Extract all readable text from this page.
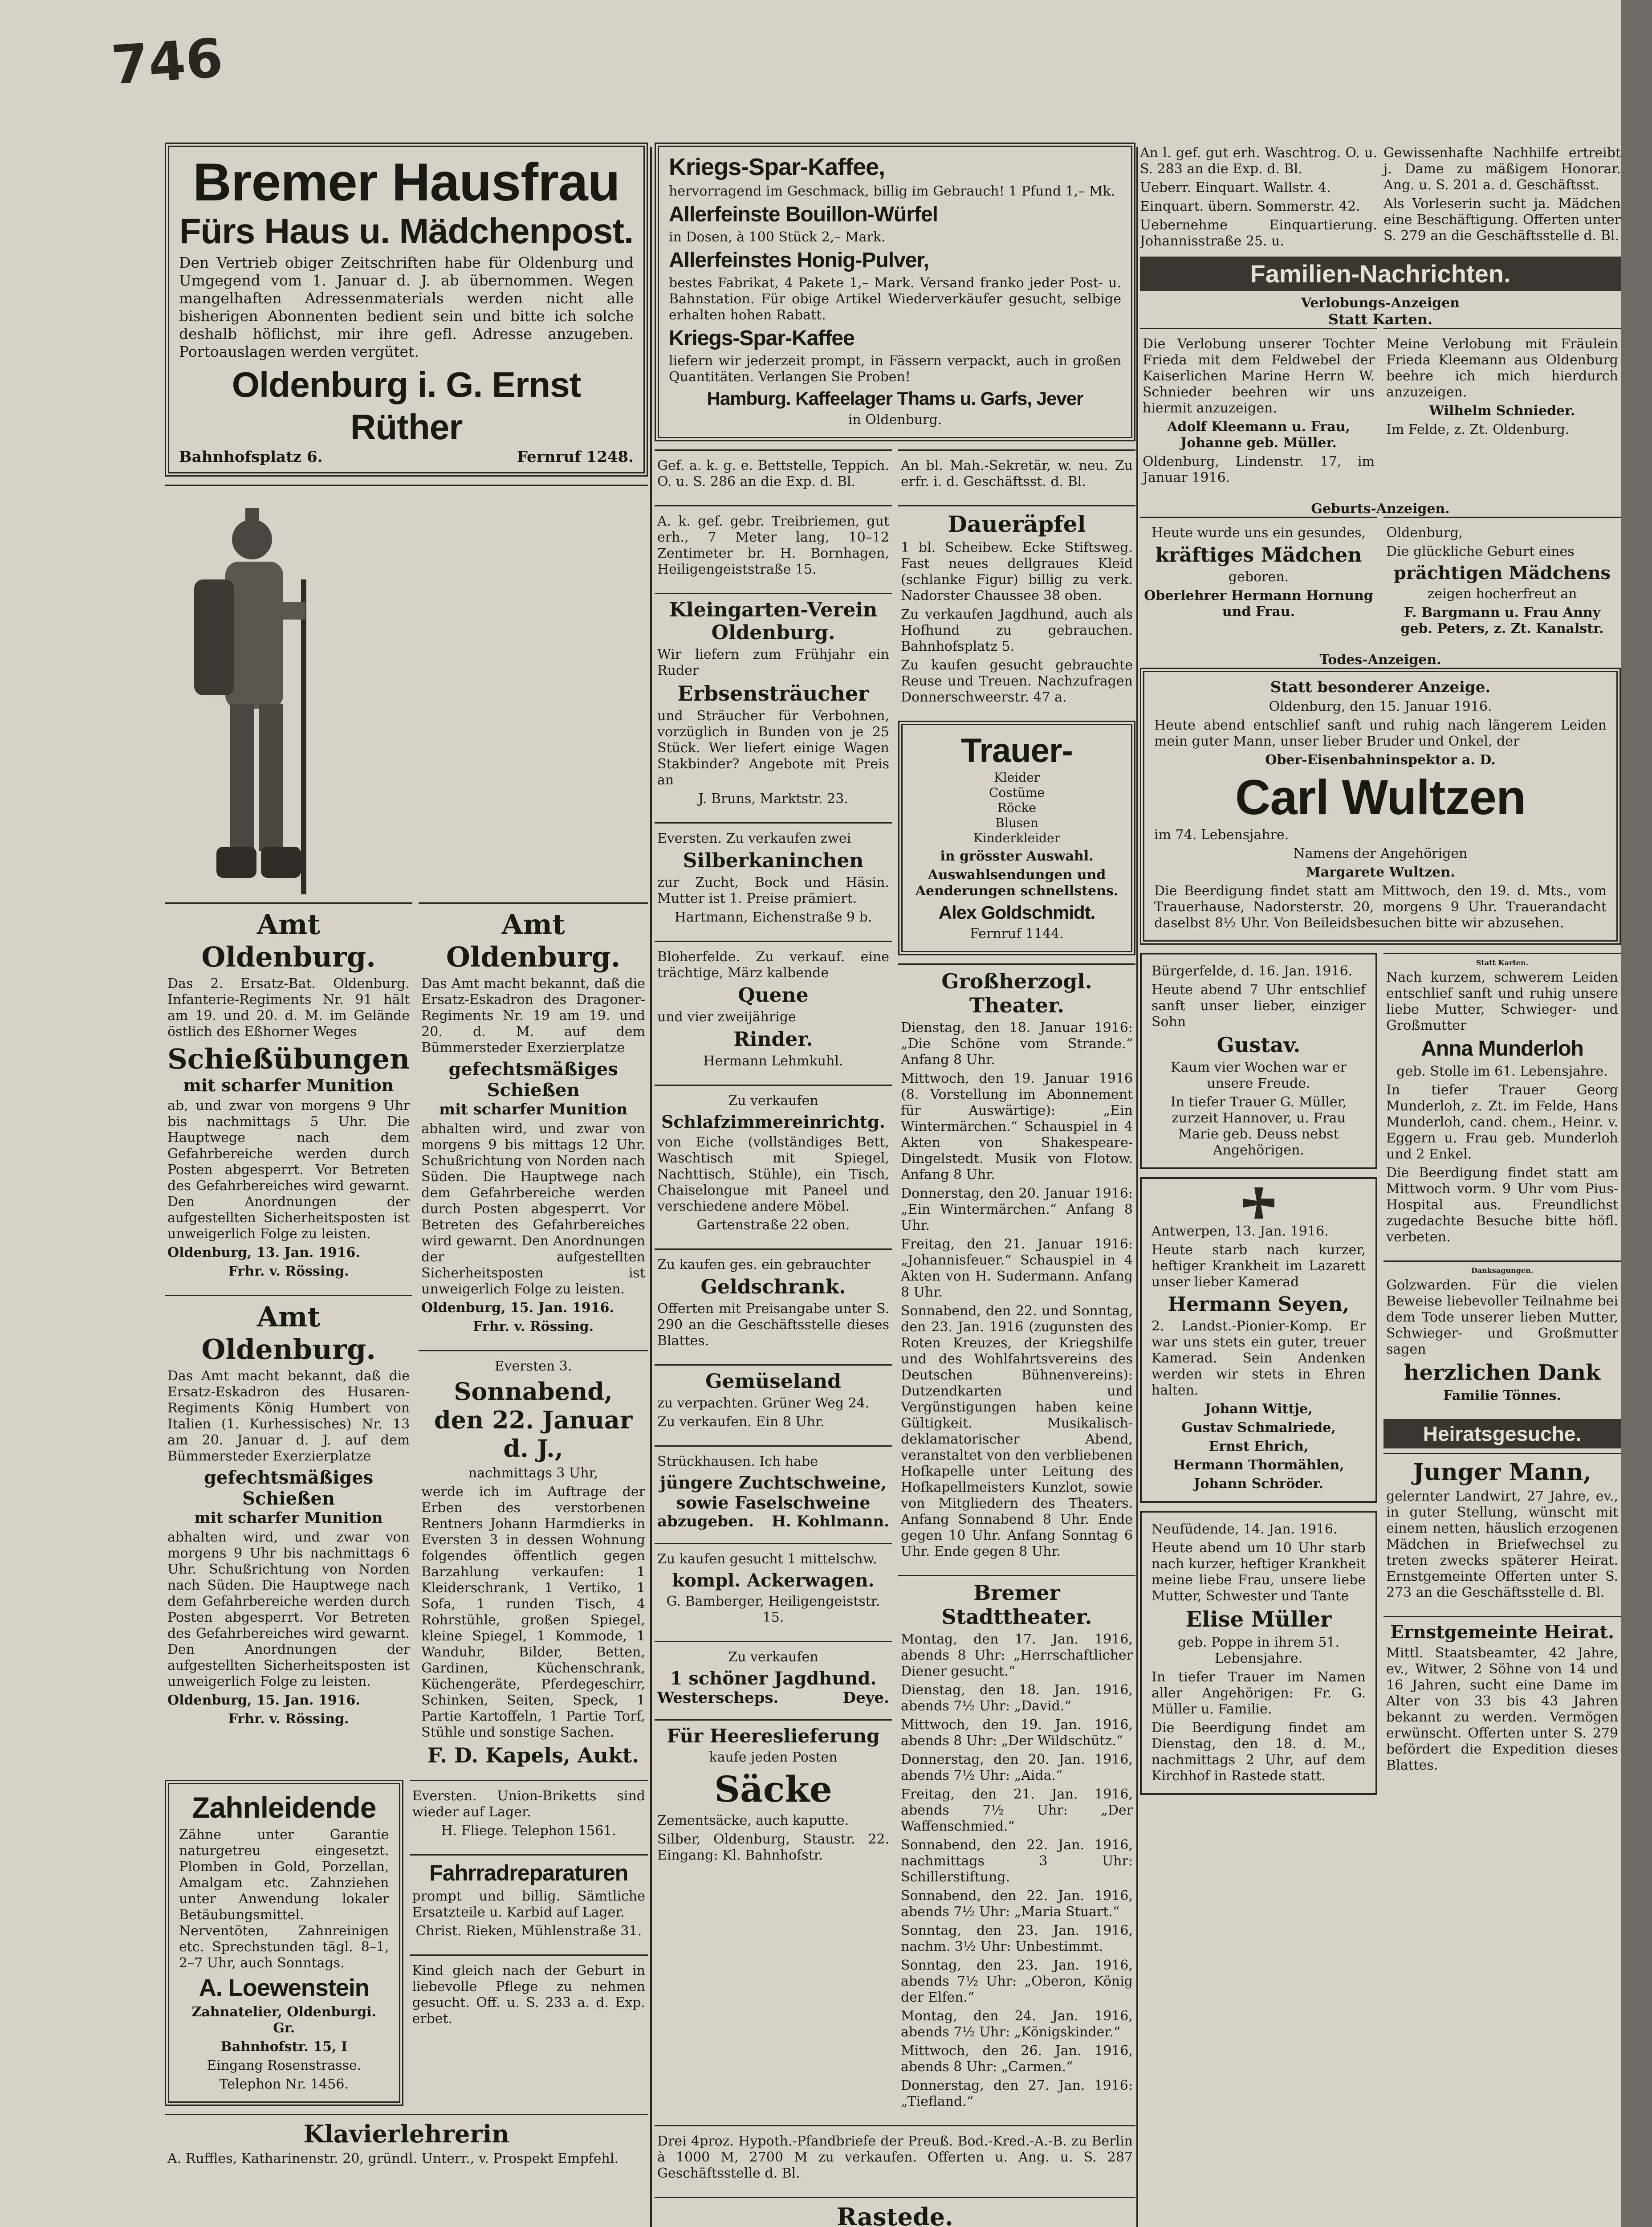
746
Bremer Hausfrau
Fürs Haus u. Mädchenpost.

Den Vertrieb obiger Zeitschriften habe für Oldenburg und Umgegend vom 1. Januar d. J. ab übernommen. Wegen mangelhaften Adressenmaterials werden nicht alle bisherigen Abonnenten bedient sein und bitte ich solche deshalb höflichst, mir ihre gefl. Adresse anzugeben. Portoauslagen werden vergütet.

Oldenburg i. G. Ernst Rüther
Bahnhofsplatz 6.	Fernruf 1248.

Amt Oldenburg.

Das 2. Ersatz-Bat. Oldenburg. Infanterie-Regiments Nr. 91 hält am 19. und 20. d. M. im Gelände östlich des Eßhorner Weges

Schießübungen
mit scharfer Munition

ab, und zwar von morgens 9 Uhr bis nachmittags 5 Uhr. Die Hauptwege nach dem Gefahrbereiche werden durch Posten abgesperrt. Vor Betreten des Gefahrbereiches wird gewarnt. Den Anordnungen der aufgestellten Sicherheitsposten ist unweigerlich Folge zu leisten.

Oldenburg, 13. Jan. 1916.

Frhr. v. Rössing.

Amt Oldenburg.

Das Amt macht bekannt, daß die Ersatz-Eskadron des Husaren-Regiments König Humbert von Italien (1. Kurhessisches) Nr. 13 am 20. Januar d. J. auf dem Bümmersteder Exerzierplatze

gefechtsmäßiges Schießen
mit scharfer Munition

abhalten wird, und zwar von morgens 9 Uhr bis nachmittags 6 Uhr. Schußrichtung von Norden nach Süden. Die Hauptwege nach dem Gefahrbereiche werden durch Posten abgesperrt. Vor Betreten des Gefahrbereiches wird gewarnt. Den Anordnungen der aufgestellten Sicherheitsposten ist unweigerlich Folge zu leisten.

Oldenburg, 15. Jan. 1916.

Frhr. v. Rössing.

Amt Oldenburg.

Das Amt macht bekannt, daß die Ersatz-Eskadron des Dragoner-Regiments Nr. 19 am 19. und 20. d. M. auf dem Bümmersteder Exerzierplatze

gefechtsmäßiges Schießen
mit scharfer Munition

abhalten wird, und zwar von morgens 9 bis mittags 12 Uhr. Schußrichtung von Norden nach Süden. Die Hauptwege nach dem Gefahrbereiche werden durch Posten abgesperrt. Vor Betreten des Gefahrbereiches wird gewarnt. Den Anordnungen der aufgestellten Sicherheitsposten ist unweigerlich Folge zu leisten.

Oldenburg, 15. Jan. 1916.

Frhr. v. Rössing.

Eversten 3.

Sonnabend,
den 22. Januar d. J.,

nachmittags 3 Uhr,

werde ich im Auftrage der Erben des verstorbenen Rentners Johann Harmdierks in Eversten 3 in dessen Wohnung folgendes öffentlich gegen Barzahlung verkaufen: 1 Kleiderschrank, 1 Vertiko, 1 Sofa, 1 runden Tisch, 4 Rohrstühle, großen Spiegel, kleine Spiegel, 1 Kommode, 1 Wanduhr, Bilder, Betten, Gardinen, Küchenschrank, Küchengeräte, Pferdegeschirr, Schinken, Seiten, Speck, 1 Partie Kartoffeln, 1 Partie Torf, Stühle und sonstige Sachen.

F. D. Kapels, Aukt.
Zahnleidende

Zähne unter Garantie naturgetreu eingesetzt. Plomben in Gold, Porzellan, Amalgam etc. Zahnziehen unter Anwendung lokaler Betäubungsmittel. Nerventöten, Zahnreinigen etc. Sprechstunden tägl. 8–1, 2–7 Uhr, auch Sonntags.

A. Loewenstein

Zahnatelier, Oldenburgi. Gr.

Bahnhofstr. 15, I

Eingang Rosenstrasse.

Telephon Nr. 1456.

Eversten. Union-Briketts sind wieder auf Lager.

H. Fliege. Telephon 1561.

Fahrradreparaturen

prompt und billig. Sämtliche Ersatzteile u. Karbid auf Lager.

Christ. Rieken, Mühlenstraße 31.

Kind gleich nach der Geburt in liebevolle Pflege zu nehmen gesucht. Off. u. S. 233 a. d. Exp. erbet.

Klavierlehrerin

A. Ruffles, Katharinenstr. 20, gründl. Unterr., v. Prospekt Empfehl.

Kriegs-Spar-Kaffee,

hervorragend im Geschmack, billig im Gebrauch! 1 Pfund 1,– Mk.

Allerfeinste Bouillon-Würfel

in Dosen, à 100 Stück 2,– Mark.

Allerfeinstes Honig-Pulver,

bestes Fabrikat, 4 Pakete 1,– Mark. Versand franko jeder Post- u. Bahnstation. Für obige Artikel Wiederverkäufer gesucht, selbige erhalten hohen Rabatt.

Kriegs-Spar-Kaffee

liefern wir jederzeit prompt, in Fässern verpackt, auch in großen Quantitäten. Verlangen Sie Proben!

Hamburg. Kaffeelager Thams u. Garfs, Jever

in Oldenburg.

Gef. a. k. g. e. Bettstelle, Teppich. O. u. S. 286 an die Exp. d. Bl.

A. k. gef. gebr. Treibriemen, gut erh., 7 Meter lang, 10–12 Zentimeter br. H. Bornhagen, Heiligengeiststraße 15.

Kleingarten-Verein Oldenburg.

Wir liefern zum Frühjahr ein Ruder

Erbsensträucher

und Sträucher für Verbohnen, vorzüglich in Bunden von je 25 Stück. Wer liefert einige Wagen Stakbinder? Angebote mit Preis an

J. Bruns, Marktstr. 23.

Eversten. Zu verkaufen zwei

Silberkaninchen

zur Zucht, Bock und Häsin. Mutter ist 1. Preise prämiert.

Hartmann, Eichenstraße 9 b.

Bloherfelde. Zu verkauf. eine trächtige, März kalbende

Quene

und vier zweijährige

Rinder.

Hermann Lehmkuhl.

Zu verkaufen

Schlafzimmereinrichtg.

von Eiche (vollständiges Bett, Waschtisch mit Spiegel, Nachttisch, Stühle), ein Tisch, Chaiselongue mit Paneel und verschiedene andere Möbel.

Gartenstraße 22 oben.

Zu kaufen ges. ein gebrauchter

Geldschrank.

Offerten mit Preisangabe unter S. 290 an die Geschäftsstelle dieses Blattes.

Gemüseland

zu verpachten. Grüner Weg 24.

Zu verkaufen. Ein 8 Uhr.

Strückhausen. Ich habe

jüngere Zuchtschweine,
sowie Faselschweine
abzugeben. H. Kohlmann.

Zu kaufen gesucht 1 mittelschw.

kompl. Ackerwagen.

G. Bamberger, Heiligengeiststr. 15.

Zu verkaufen

1 schöner Jagdhund.
Westerscheps.	Deye.
Für Heereslieferung

kaufe jeden Posten

Säcke

Zementsäcke, auch kaputte.

Silber, Oldenburg, Staustr. 22. Eingang: Kl. Bahnhofstr.

An bl. Mah.-Sekretär, w. neu. Zu erfr. i. d. Geschäftsst. d. Bl.

Daueräpfel

1 bl. Scheibew. Ecke Stiftsweg. Fast neues dellgraues Kleid (schlanke Figur) billig zu verk. Nadorster Chaussee 38 oben.

Zu verkaufen Jagdhund, auch als Hofhund zu gebrauchen. Bahnhofsplatz 5.

Zu kaufen gesucht gebrauchte Reuse und Treuen. Nachzufragen Donnerschweerstr. 47 a.

Trauer-
Kleider
Costüme
Röcke
Blusen
Kinderkleider

in grösster Auswahl.

Auswahlsendungen und Aenderungen schnellstens.

Alex Goldschmidt.

Fernruf 1144.

Großherzogl. Theater.

Dienstag, den 18. Januar 1916: „Die Schöne vom Strande.“ Anfang 8 Uhr.

Mittwoch, den 19. Januar 1916 (8. Vorstellung im Abonnement für Auswärtige): „Ein Wintermärchen.“ Schauspiel in 4 Akten von Shakespeare-Dingelstedt. Musik von Flotow. Anfang 8 Uhr.

Donnerstag, den 20. Januar 1916: „Ein Wintermärchen.“ Anfang 8 Uhr.

Freitag, den 21. Januar 1916: „Johannisfeuer.“ Schauspiel in 4 Akten von H. Sudermann. Anfang 8 Uhr.

Sonnabend, den 22. und Sonntag, den 23. Jan. 1916 (zugunsten des Roten Kreuzes, der Kriegshilfe und des Wohlfahrtsvereins des Deutschen Bühnenvereins): Dutzendkarten und Vergünstigungen haben keine Gültigkeit. Musikalisch-deklamatorischer Abend, veranstaltet von den verbliebenen Hofkapelle unter Leitung des Hofkapellmeisters Kunzlot, sowie von Mitgliedern des Theaters. Anfang Sonnabend 8 Uhr. Ende gegen 10 Uhr. Anfang Sonntag 6 Uhr. Ende gegen 8 Uhr.

Bremer Stadttheater.

Montag, den 17. Jan. 1916, abends 8 Uhr: „Herrschaftlicher Diener gesucht.“

Dienstag, den 18. Jan. 1916, abends 7½ Uhr: „David.“

Mittwoch, den 19. Jan. 1916, abends 8 Uhr: „Der Wildschütz.“

Donnerstag, den 20. Jan. 1916, abends 7½ Uhr: „Aida.“

Freitag, den 21. Jan. 1916, abends 7½ Uhr: „Der Waffenschmied.“

Sonnabend, den 22. Jan. 1916, nachmittags 3 Uhr: Schillerstiftung.

Sonnabend, den 22. Jan. 1916, abends 7½ Uhr: „Maria Stuart.“

Sonntag, den 23. Jan. 1916, nachm. 3½ Uhr: Unbestimmt.

Sonntag, den 23. Jan. 1916, abends 7½ Uhr: „Oberon, König der Elfen.“

Montag, den 24. Jan. 1916, abends 7½ Uhr: „Königskinder.“

Mittwoch, den 26. Jan. 1916, abends 8 Uhr: „Carmen.“

Donnerstag, den 27. Jan. 1916: „Tiefland.“

Drei 4proz. Hypoth.-Pfandbriefe der Preuß. Bod.-Kred.-A.-B. zu Berlin à 1000 M, 2700 M zu verkaufen. Offerten u. Ang. u. S. 287 Geschäftsstelle d. Bl.

Rastede.

An l. gef. gut erh. Waschtrog. O. u. S. 283 an die Exp. d. Bl.

Ueberr. Einquart. Wallstr. 4.

Einquart. übern. Sommerstr. 42.

Uebernehme Einquartierung. Johannisstraße 25. u.

Gewissenhafte Nachhilfe ertreibt j. Dame zu mäßigem Honorar. Ang. u. S. 201 a. d. Geschäftsst.

Als Vorleserin sucht ja. Mädchen eine Beschäftigung. Offerten unter S. 279 an die Geschäftsstelle d. Bl.

Familien-Nachrichten.
Verlobungs-Anzeigen
Statt Karten.

Die Verlobung unserer Tochter Frieda mit dem Feldwebel der Kaiserlichen Marine Herrn W. Schnieder beehren wir uns hiermit anzuzeigen.

Adolf Kleemann u. Frau, Johanne geb. Müller.

Oldenburg, Lindenstr. 17, im Januar 1916.

Meine Verlobung mit Fräulein Frieda Kleemann aus Oldenburg beehre ich mich hierdurch anzuzeigen.

Wilhelm Schnieder.

Im Felde, z. Zt. Oldenburg.

Geburts-Anzeigen.

Heute wurde uns ein gesundes,

kräftiges Mädchen

geboren.

Oberlehrer Hermann Hornung und Frau.

Oldenburg,

Die glückliche Geburt eines

prächtigen Mädchens

zeigen hocherfreut an

F. Bargmann u. Frau Anny geb. Peters, z. Zt. Kanalstr.

Todes-Anzeigen.
Statt besonderer Anzeige.

Oldenburg, den 15. Januar 1916.

Heute abend entschlief sanft und ruhig nach längerem Leiden mein guter Mann, unser lieber Bruder und Onkel, der

Ober-Eisenbahninspektor a. D.

Carl Wultzen

im 74. Lebensjahre.

Namens der Angehörigen

Margarete Wultzen.

Die Beerdigung findet statt am Mittwoch, den 19. d. Mts., vom Trauerhause, Nadorsterstr. 20, morgens 9 Uhr. Trauerandacht daselbst 8½ Uhr. Von Beileidsbesuchen bitte wir abzusehen.

Bürgerfelde, d. 16. Jan. 1916.

Heute abend 7 Uhr entschlief sanft unser lieber, einziger Sohn

Gustav.

Kaum vier Wochen war er unsere Freude.

In tiefer Trauer G. Müller, zurzeit Hannover, u. Frau Marie geb. Deuss nebst Angehörigen.

Antwerpen, 13. Jan. 1916.

Heute starb nach kurzer, heftiger Krankheit im Lazarett unser lieber Kamerad

Hermann Seyen,

2. Landst.-Pionier-Komp. Er war uns stets ein guter, treuer Kamerad. Sein Andenken werden wir stets in Ehren halten.

Johann Wittje,

Gustav Schmalriede,

Ernst Ehrich,

Hermann Thormählen,

Johann Schröder.

Neufüdende, 14. Jan. 1916.

Heute abend um 10 Uhr starb nach kurzer, heftiger Krankheit meine liebe Frau, unsere liebe Mutter, Schwester und Tante

Elise Müller

geb. Poppe in ihrem 51. Lebensjahre.

In tiefer Trauer im Namen aller Angehörigen: Fr. G. Müller u. Familie.

Die Beerdigung findet am Dienstag, den 18. d. M., nachmittags 2 Uhr, auf dem Kirchhof in Rastede statt.

Statt Karten.

Nach kurzem, schwerem Leiden entschlief sanft und ruhig unsere liebe Mutter, Schwieger- und Großmutter

Anna Munderloh

geb. Stolle im 61. Lebensjahre.

In tiefer Trauer Georg Munderloh, z. Zt. im Felde, Hans Munderloh, cand. chem., Heinr. v. Eggern u. Frau geb. Munderloh und 2 Enkel.

Die Beerdigung findet statt am Mittwoch vorm. 9 Uhr vom Pius-Hospital aus. Freundlichst zugedachte Besuche bitte höfl. verbeten.

Danksagungen.

Golzwarden. Für die vielen Beweise liebevoller Teilnahme bei dem Tode unserer lieben Mutter, Schwieger- und Großmutter sagen

herzlichen Dank

Familie Tönnes.

Heiratsgesuche.
Junger Mann,

gelernter Landwirt, 27 Jahre, ev., in guter Stellung, wünscht mit einem netten, häuslich erzogenen Mädchen in Briefwechsel zu treten zwecks späterer Heirat. Ernstgemeinte Offerten unter S. 273 an die Geschäftsstelle d. Bl.

Ernstgemeinte Heirat.

Mittl. Staatsbeamter, 42 Jahre, ev., Witwer, 2 Söhne von 14 und 16 Jahren, sucht eine Dame im Alter von 33 bis 43 Jahren bekannt zu werden. Vermögen erwünscht. Offerten unter S. 279 befördert die Expedition dieses Blattes.
